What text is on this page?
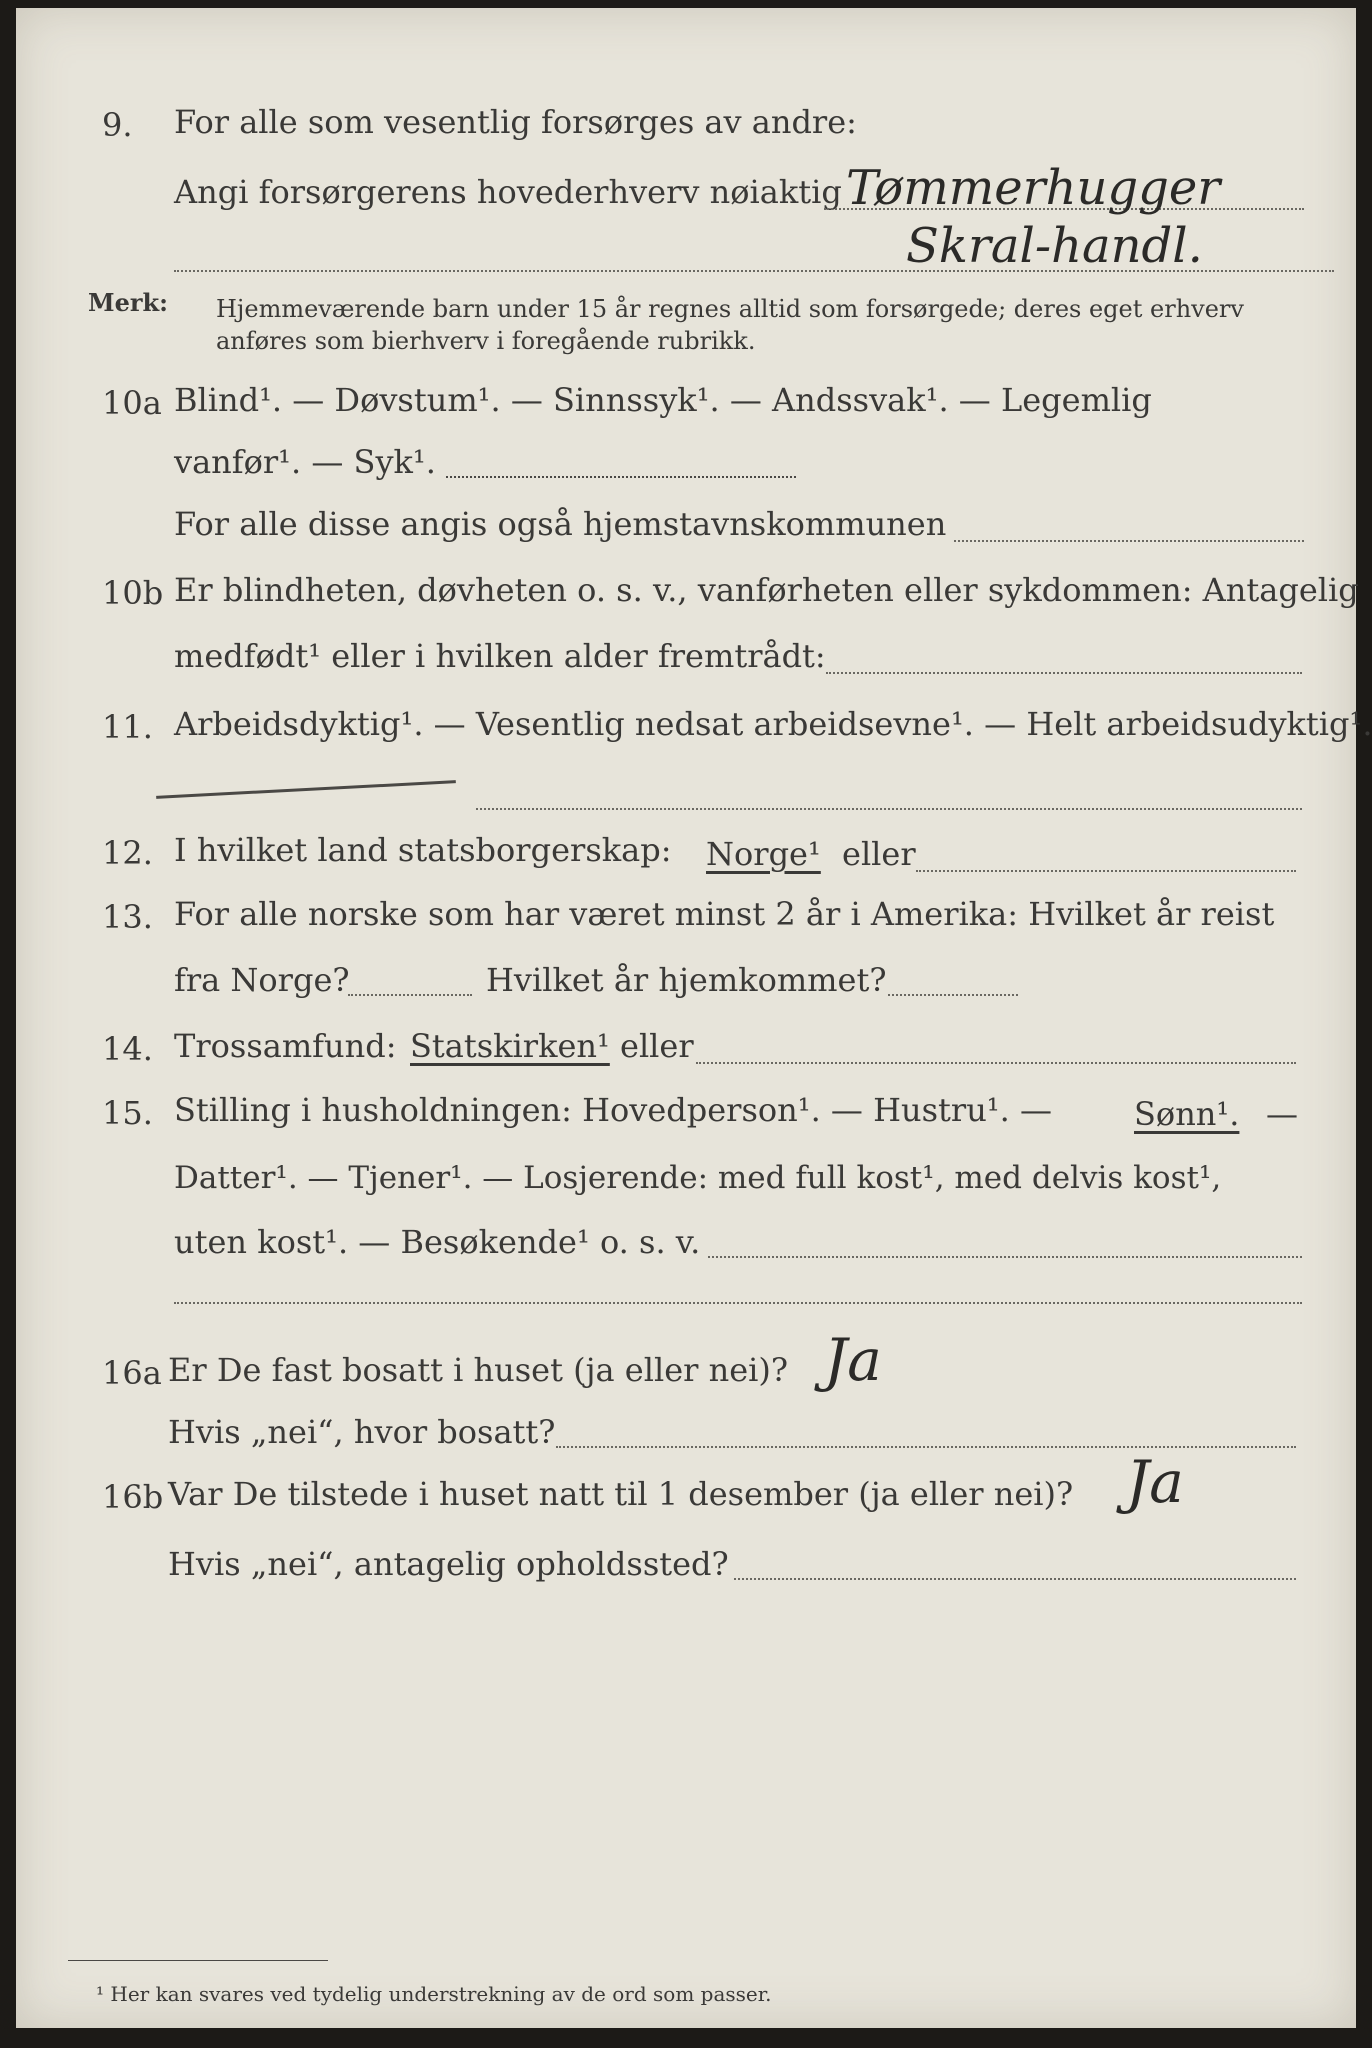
9. For alle som vesentlig forsørges av andre:
Angi forsørgerens hovederhverv nøiaktig Tømmerhugger
Skral-handl.
Merk: Hjemmeværende barn under 15 år regnes alltid som forsørgede; deres eget erhverv
anføres som bierhverv i foregående rubrikk.
10a Blind¹. — Døvstum¹. — Sinnssyk¹. — Andssvak¹. — Legemlig
vanfør¹. — Syk¹.
For alle disse angis også hjemstavnskommunen
10b Er blindheten, døvheten o. s. v., vanførheten eller sykdommen: Antagelig
medfødt¹ eller i hvilken alder fremtrådt:
11. Arbeidsdyktig¹. — Vesentlig nedsat arbeidsevne¹. — Helt arbeidsudyktig¹.
12. I hvilket land statsborgerskap: Norge¹ eller
13. For alle norske som har været minst 2 år i Amerika: Hvilket år reist
fra Norge?	Hvilket år hjemkommet?
14. Trossamfund: Statskirken¹ eller
15. Stilling i husholdningen: Hovedperson¹. — Hustru¹. —	Sønn¹. —
Datter¹. — Tjener¹. — Losjerende: med full kost¹, med delvis kost¹,
uten kost¹. — Besøkende¹ o. s. v.
16a Er De fast bosatt i huset (ja eller nei)? Ja
Hvis „nei“, hvor bosatt?
16b Var De tilstede i huset natt til 1 desember (ja eller nei)? Ja
Hvis „nei“, antagelig opholdssted?
¹ Her kan svares ved tydelig understrekning av de ord som passer.
